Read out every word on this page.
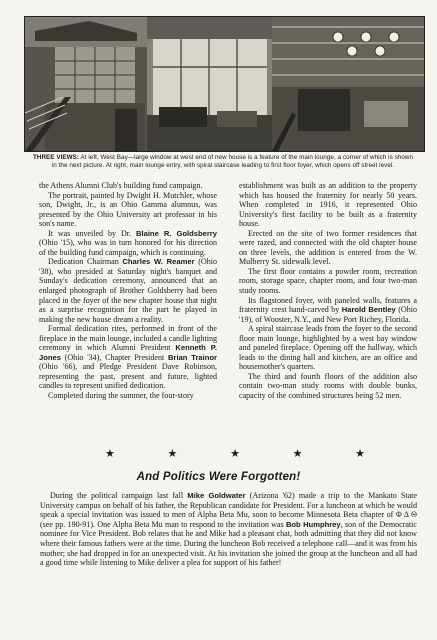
THREE VIEWS: At left, West Bay—large window at west end of new house is a feature of the main lounge, a corner of which is shown in the next picture. At right, main lounge entry, with spiral staircase leading to first floor foyer, which opens off street level.

the Athens Alumni Club's building fund campaign.

The portrait, painted by Dwight H. Mutchler, whose son, Dwight, Jr., is an Ohio Gamma alumnus, was presented by the Ohio University art professor in his son's name.

It was unveiled by Dr. Blaine R. Goldsberry (Ohio '15), who was in turn honored for his direction of the building fund campaign, which is continuing.

Dedication Chairman Charles W. Reamer (Ohio '38), who presided at Saturday night's banquet and Sunday's dedication ceremony, announced that an enlarged photograph of Brother Goldsberry had been placed in the foyer of the new chapter house that night as a surprise recognition for the part he played in making the new house dream a reality.

Formal dedication rites, performed in front of the fireplace in the main lounge, included a candle lighting ceremony in which Alumni President Kenneth P. Jones (Ohio '34), Chapter President Brian Trainor (Ohio '66), and Pledge President Dave Robinson, representing the past, present and future, lighted candles to represent unified dedication.

Completed during the summer, the four-story

establishment was built as an addition to the property which has housed the fraternity for nearly 50 years. When completed in 1916, it represented Ohio University's first facility to be built as a fraternity house.

Erected on the site of two former residences that were razed, and connected with the old chapter house on three levels, the addition is entered from the W. Mulberry St. sidewalk level.

The first floor contains a powder room, recreation room, storage space, chapter room, and four two-man study rooms.

Its flagstoned foyer, with paneled walls, features a fraternity crest hand-carved by Harold Bentley (Ohio '19), of Wooster, N.Y., and New Port Richey, Florida.

A spiral staircase leads from the foyer to the second floor main lounge, highlighted by a west bay window and paneled fireplace. Opening off the hallway, which leads to the dining hall and kitchen, are an office and housemother's quarters.

The third and fourth floors of the addition also contain two-man study rooms with double bunks, capacity of the combined structures being 52 men.

★	★	★	★	★
And Politics Were Forgotten!

During the political campaign last fall Mike Goldwater (Arizona '62) made a trip to the Mankato State University campus on behalf of his father, the Republican candidate for President. For a luncheon at which he would speak a special invitation was issued to men of Alpha Beta Mu, soon to become Minnesota Beta chapter of Φ Δ Θ (see pp. 190-91). One Alpha Beta Mu man to respond to the invitation was Bob Humphrey, son of the Democratic nominee for Vice President. Bob relates that he and Mike had a pleasant chat, both admitting that they did not know where their famous fathers were at the time. During the luncheon Bob received a telephone call—and it was from his mother; she had dropped in for an unexpected visit. At his invitation she joined the group at the luncheon and all had a good time while listening to Mike deliver a plea for support of his father!
